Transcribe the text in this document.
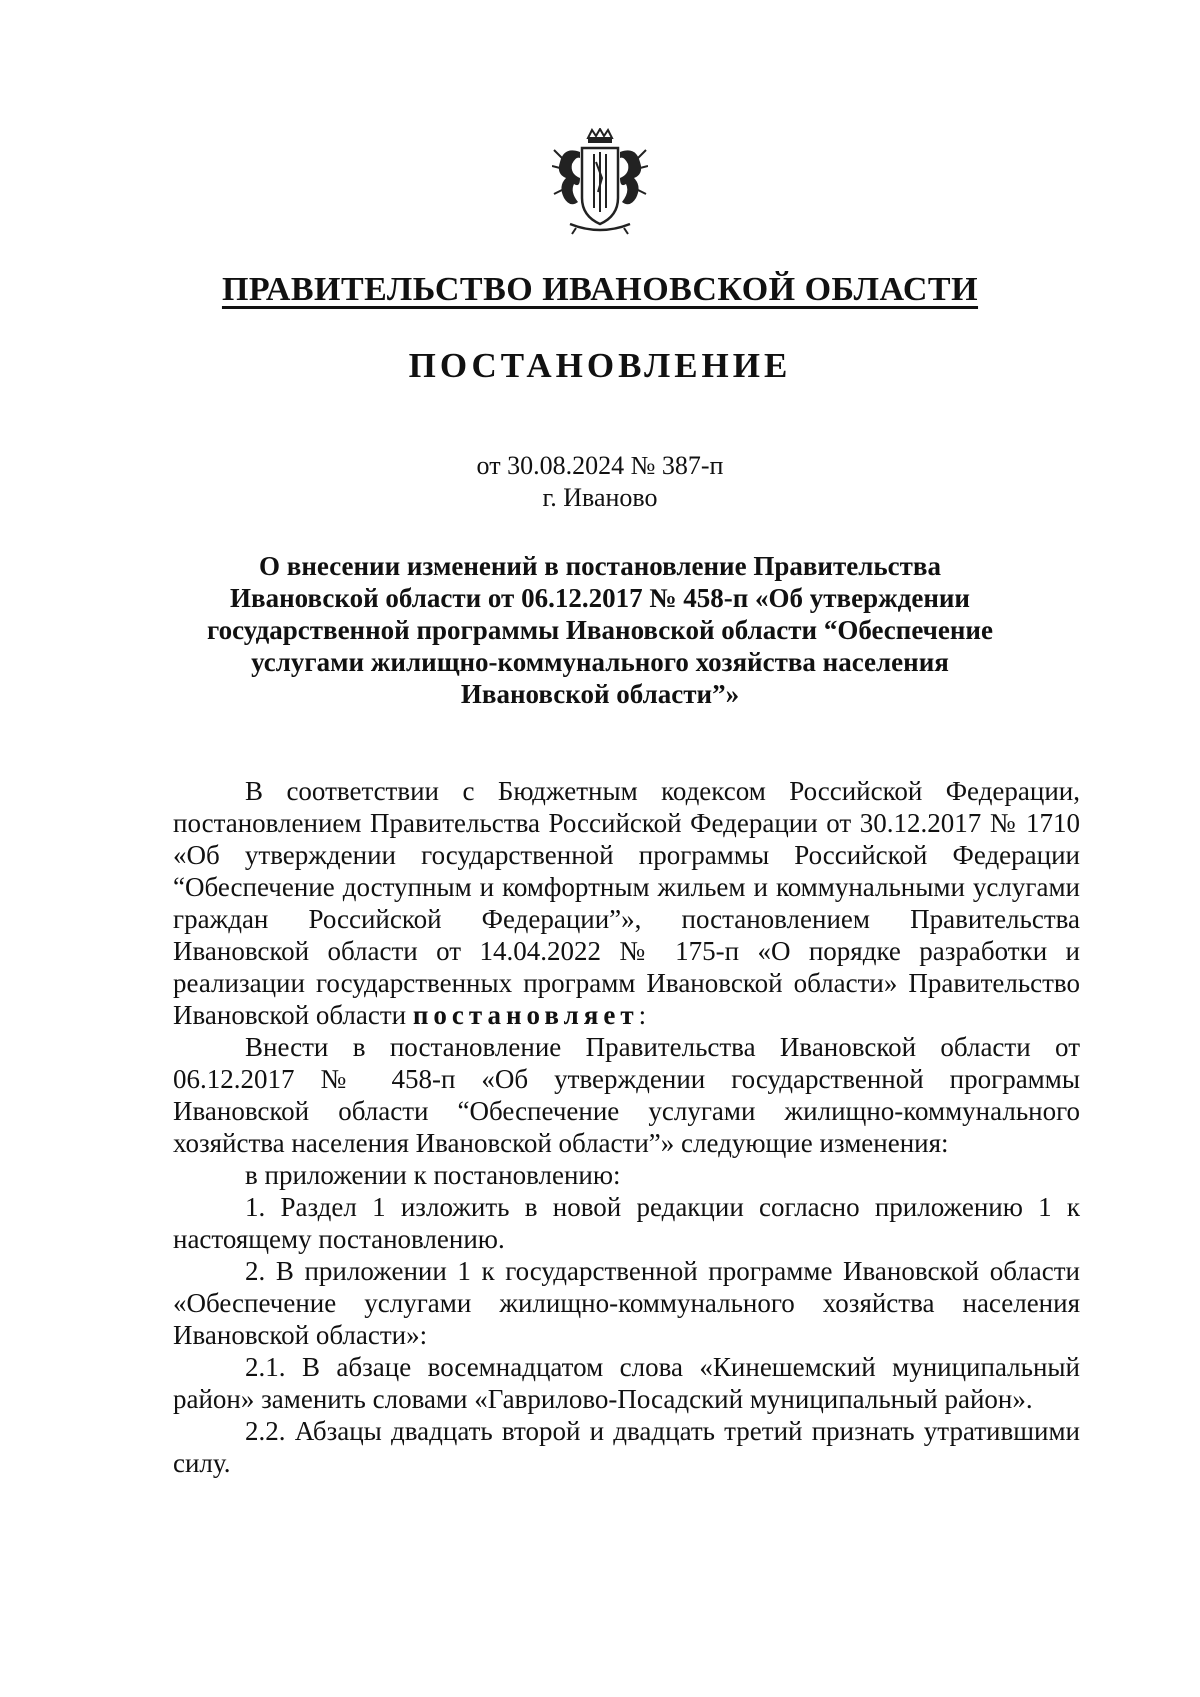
ПРАВИТЕЛЬСТВО ИВАНОВСКОЙ ОБЛАСТИ
ПОСТАНОВЛЕНИЕ
от 30.08.2024 № 387-п
г. Иваново
О внесении изменений в постановление Правительства
Ивановской области от 06.12.2017 № 458-п «Об утверждении
государственной программы Ивановской области “Обеспечение
услугами жилищно-коммунального хозяйства населения
Ивановской области”»

В соответствии с Бюджетным кодексом Российской Федерации, постановлением Правительства Российской Федерации от 30.12.2017 № 1710 «Об утверждении государственной программы Российской Федерации “Обеспечение доступным и комфортным жильем и коммунальными услугами граждан Российской Федерации”», постановлением Правительства Ивановской области от 14.04.2022 № 175-п «О порядке разработки и реализации государственных программ Ивановской области» Правительство Ивановской области постановляет:

Внести в постановление Правительства Ивановской области от 06.12.2017 № 458-п «Об утверждении государственной программы Ивановской области “Обеспечение услугами жилищно-коммунального хозяйства населения Ивановской области”» следующие изменения:

в приложении к постановлению:

1. Раздел 1 изложить в новой редакции согласно приложению 1 к настоящему постановлению.

2. В приложении 1 к государственной программе Ивановской области «Обеспечение услугами жилищно-коммунального хозяйства населения Ивановской области»:

2.1. В абзаце восемнадцатом слова «Кинешемский муниципальный район» заменить словами «Гаврилово-Посадский муниципальный район».

2.2. Абзацы двадцать второй и двадцать третий признать утратившими силу.
